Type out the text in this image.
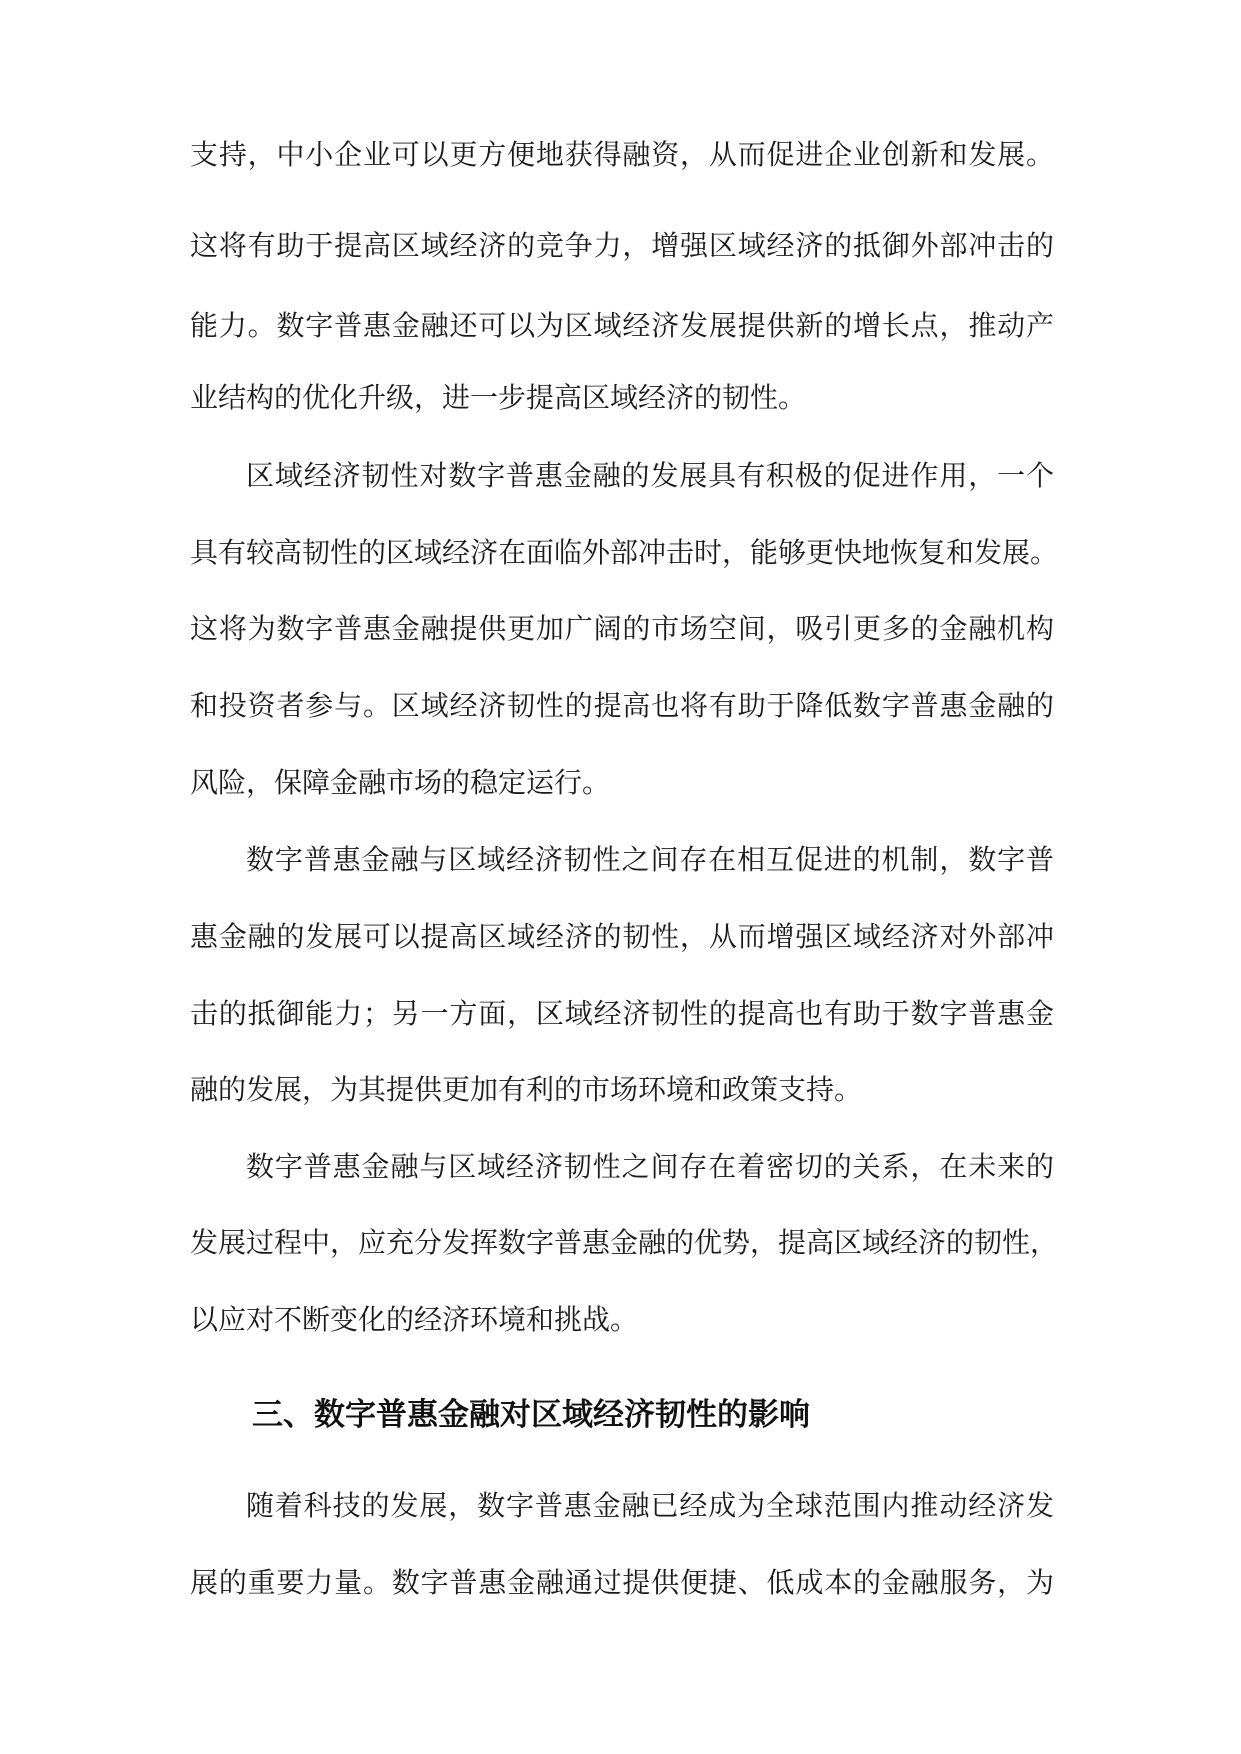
支持，中小企业可以更方便地获得融资，从而促进企业创新和发展。
这将有助于提高区域经济的竞争力，增强区域经济的抵御外部冲击的
能力。数字普惠金融还可以为区域经济发展提供新的增长点，推动产
业结构的优化升级，进一步提高区域经济的韧性。
区域经济韧性对数字普惠金融的发展具有积极的促进作用，一个
具有较高韧性的区域经济在面临外部冲击时，能够更快地恢复和发展。
这将为数字普惠金融提供更加广阔的市场空间，吸引更多的金融机构
和投资者参与。区域经济韧性的提高也将有助于降低数字普惠金融的
风险，保障金融市场的稳定运行。
数字普惠金融与区域经济韧性之间存在相互促进的机制，数字普
惠金融的发展可以提高区域经济的韧性，从而增强区域经济对外部冲
击的抵御能力；另一方面，区域经济韧性的提高也有助于数字普惠金
融的发展，为其提供更加有利的市场环境和政策支持。
数字普惠金融与区域经济韧性之间存在着密切的关系，在未来的
发展过程中，应充分发挥数字普惠金融的优势，提高区域经济的韧性，
以应对不断变化的经济环境和挑战。
三、数字普惠金融对区域经济韧性的影响
随着科技的发展，数字普惠金融已经成为全球范围内推动经济发
展的重要力量。数字普惠金融通过提供便捷、低成本的金融服务，为
